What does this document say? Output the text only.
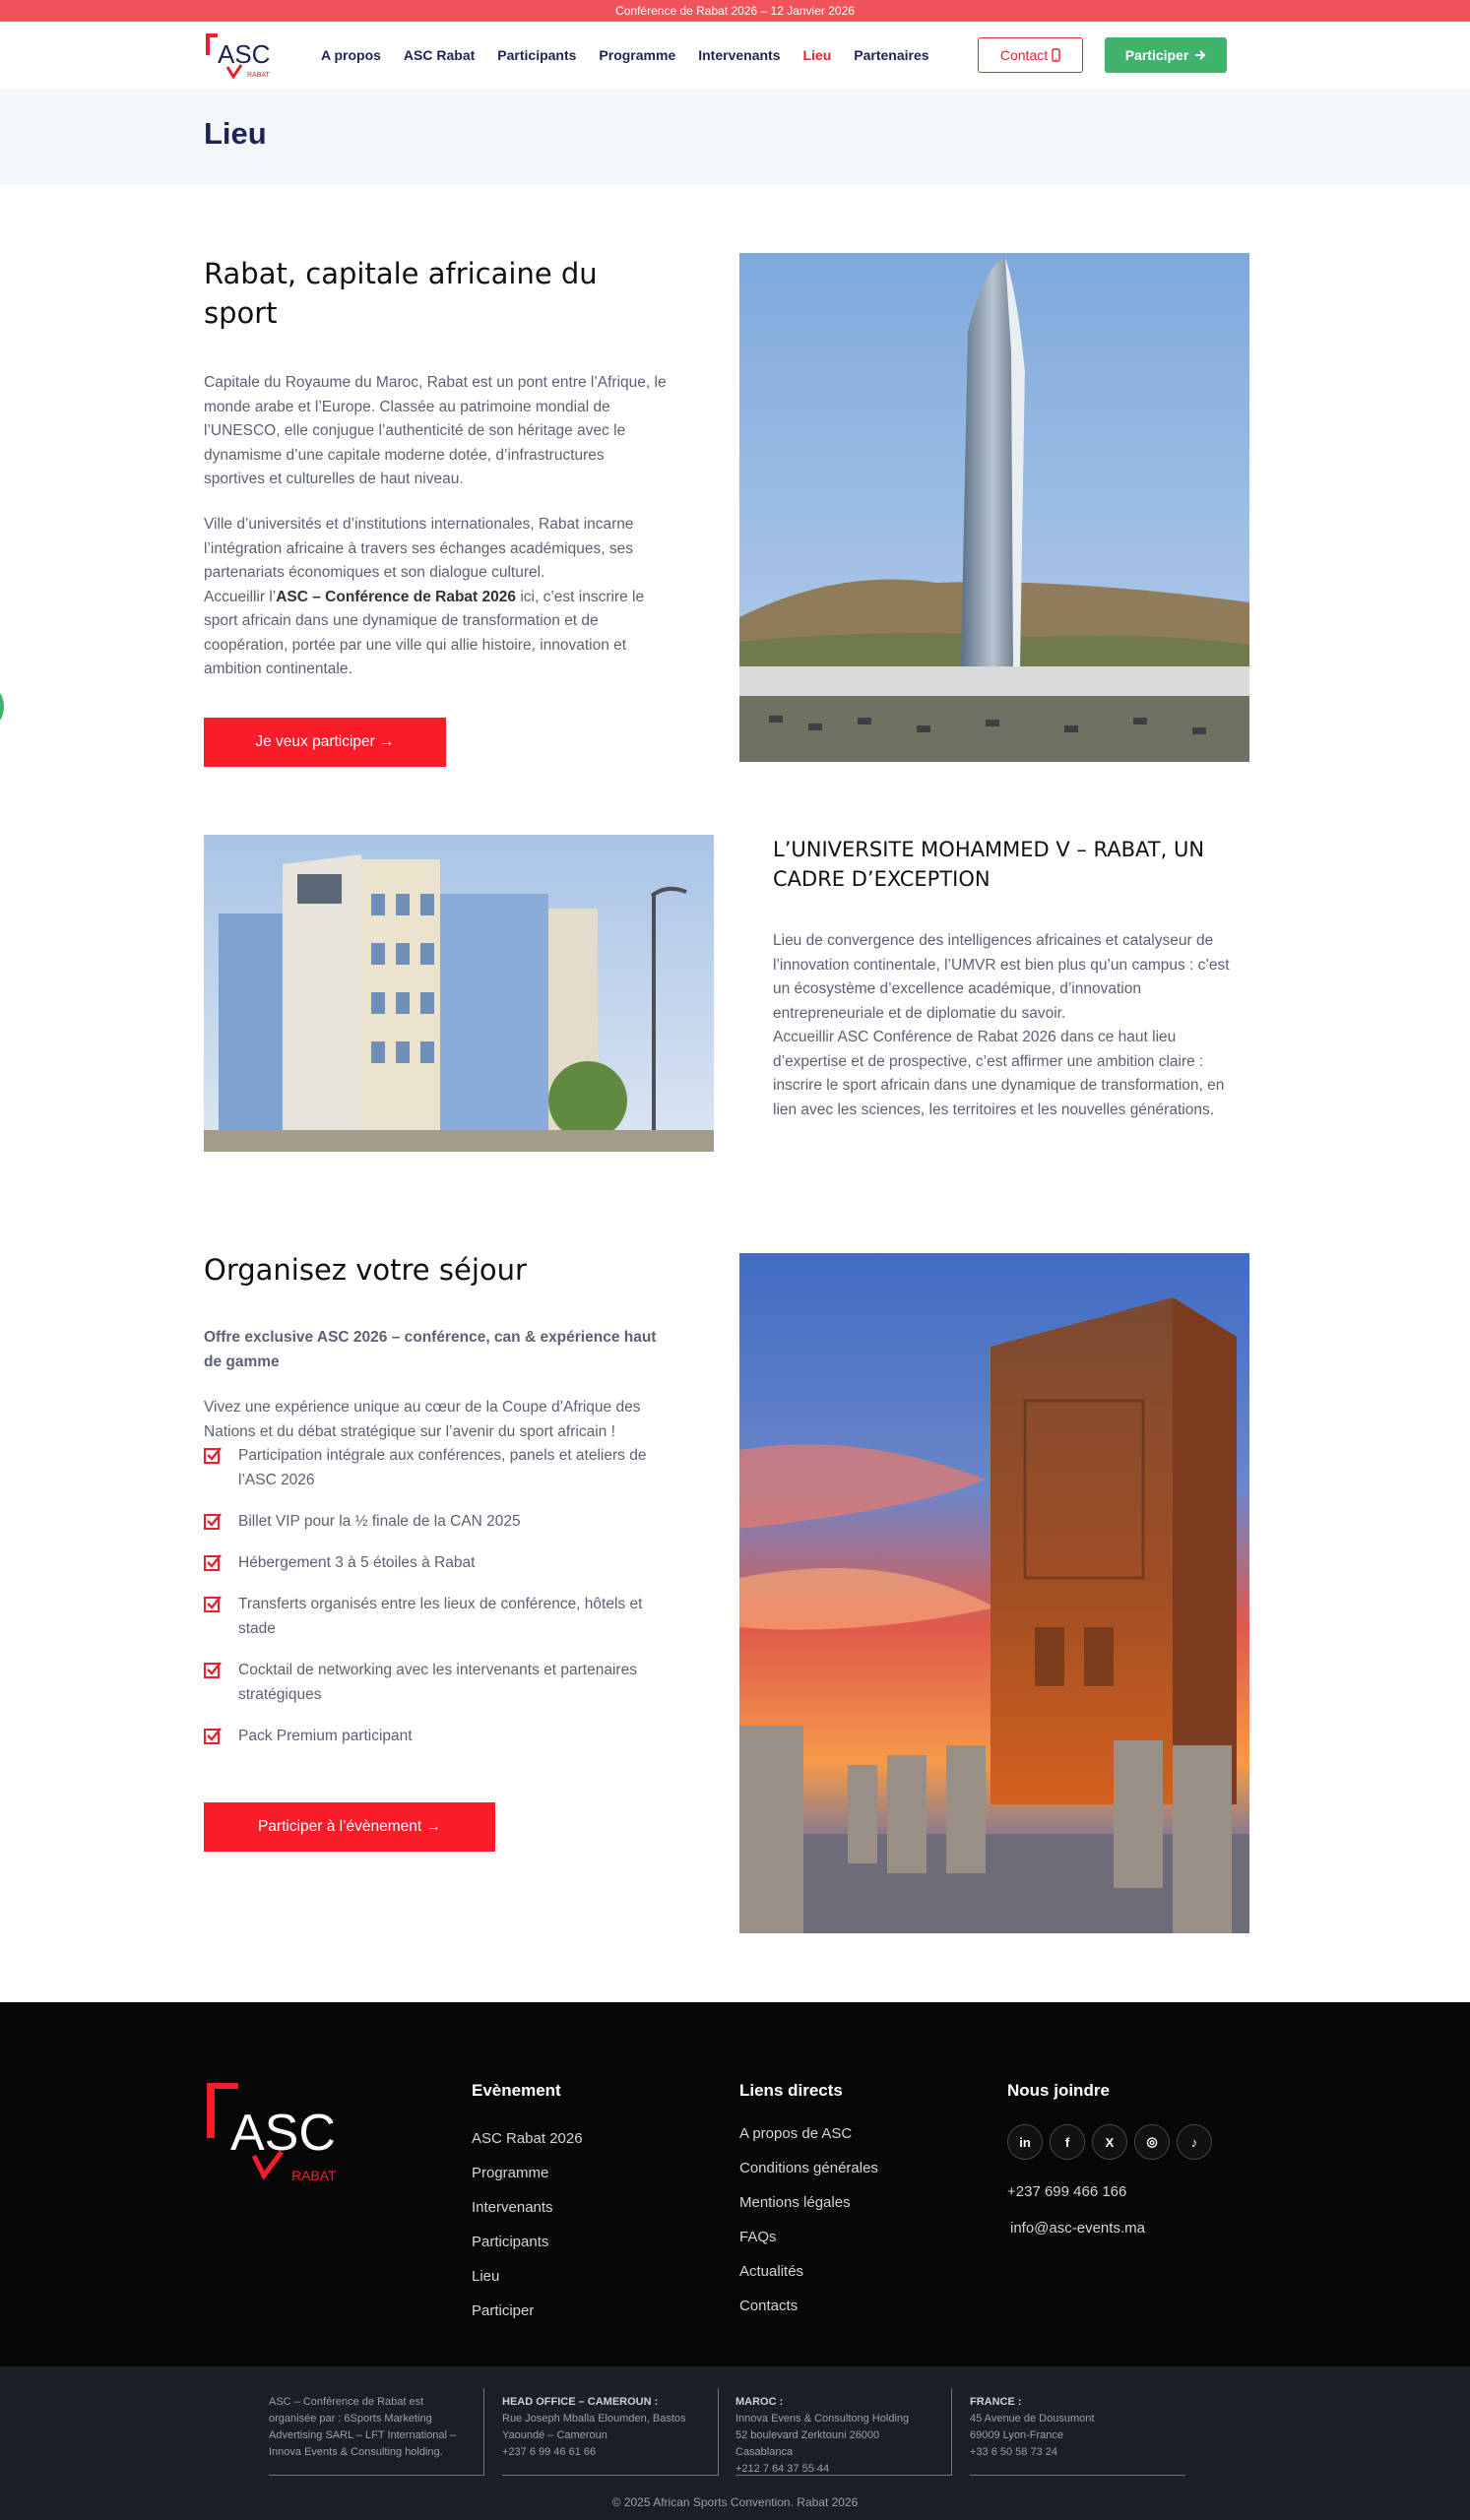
Conférence de Rabat 2026 – 12 Janvier 2026
ASC
RABAT
A propos ASC Rabat Participants Programme Intervenants Lieu Partenaires	Contact	Participer
Lieu
Rabat, capitale africaine du sport

Capitale du Royaume du Maroc, Rabat est un pont entre l’Afrique, le monde arabe et l’Europe. Classée au patrimoine mondial de l’UNESCO, elle conjugue l’authenticité de son héritage avec le dynamisme d’une capitale moderne dotée, d’infrastructures sportives et culturelles de haut niveau.

Ville d’universités et d’institutions internationales, Rabat incarne l’intégration africaine à travers ses échanges académiques, ses partenariats économiques et son dialogue culturel.
Accueillir l’ASC – Conférence de Rabat 2026 ici, c’est inscrire le sport africain dans une dynamique de transformation et de coopération, portée par une ville qui allie histoire, innovation et ambition continentale.
Je veux participer →
L’UNIVERSITE MOHAMMED V – RABAT, UN CADRE D’EXCEPTION
Lieu de convergence des intelligences africaines et catalyseur de l’innovation continentale, l’UMVR est bien plus qu’un campus : c’est un écosystème d’excellence académique, d’innovation entrepreneuriale et de diplomatie du savoir.
Accueillir ASC Conférence de Rabat 2026 dans ce haut lieu d’expertise et de prospective, c’est affirmer une ambition claire : inscrire le sport africain dans une dynamique de transformation, en lien avec les sciences, les territoires et les nouvelles générations.
Organisez votre séjour

Offre exclusive ASC 2026 – conférence, can & expérience haut de gamme

Vivez une expérience unique au cœur de la Coupe d’Afrique des Nations et du débat stratégique sur l’avenir du sport africain !

Participation intégrale aux conférences, panels et ateliers de l’ASC 2026
Billet VIP pour la ½ finale de la CAN 2025
Hébergement 3 à 5 étoiles à Rabat
Transferts organisés entre les lieux de conférence, hôtels et stade
Cocktail de networking avec les intervenants et partenaires stratégiques
Pack Premium participant
Participer à l’évènement →
ASC
RABAT
Evènement
ASC Rabat 2026
Programme
Intervenants
Participants
Lieu
Participer
Liens directs
A propos de ASC
Conditions générales
Mentions légales
FAQs
Actualités
Contacts
Nous joindre
in	f	X	◎	♪
+237 699 466 166
info@asc-events.ma
ASC – Conférence de Rabat est
organisée par : 6Sports Marketing
Advertising SARL – LFT International –
Innova Events & Consulting holding.
HEAD OFFICE – CAMEROUN :
Rue Joseph Mballa Eloumden, Bastos
Yaoundé – Cameroun
+237 6 99 46 61 66
MAROC :
Innova Evens & Consultong Holding
52 boulevard Zerktouni 26000
Casablanca
+212 7 64 37 55 44
FRANCE :
45 Avenue de Dousumont
69009 Lyon-France
+33 6 50 58 73 24
© 2025 African Sports Convention. Rabat 2026
